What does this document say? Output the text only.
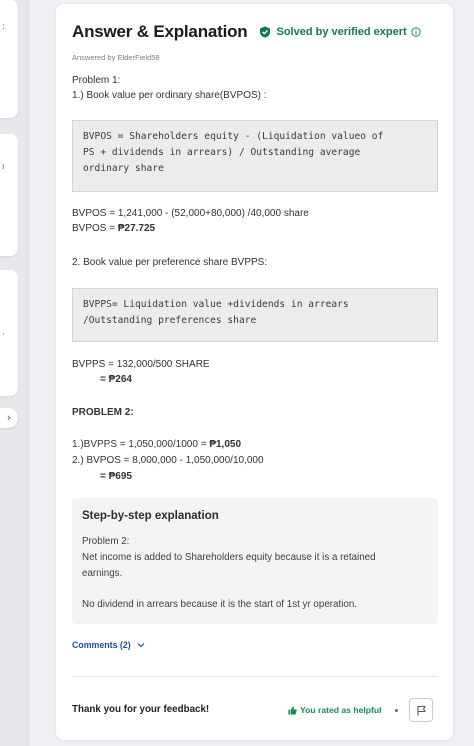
:
ı
·
›
Answer & Explanation	Solved by verified expert
Answered by ElderField58
Problem 1:
1.) Book value per ordinary share(BVPOS) :
BVPOS = Shareholders equity - (Liquidation valueo of
PS + dividends in arrears) / Outstanding average
ordinary share
BVPOS = 1,241,000 - (52,000+80,000) /40,000 share
BVPOS = ₱27.725
2. Book value per preference share BVPPS:
BVPPS= Liquidation value +dividends in arrears
/Outstanding preferences share
BVPPS = 132,000/500 SHARE
= ₱264
PROBLEM 2:
1.)BVPPS = 1,050,000/1000 = ₱1,050
2.) BVPOS = 8,000,000 - 1,050,000/10,000
= ₱695
Step-by-step explanation
Problem 2:
Net income is added to Shareholders equity because it is a retained
earnings.
No dividend in arrears because it is the start of 1st yr operation.
Comments (2)
Thank you for your feedback!	You rated as helpful
